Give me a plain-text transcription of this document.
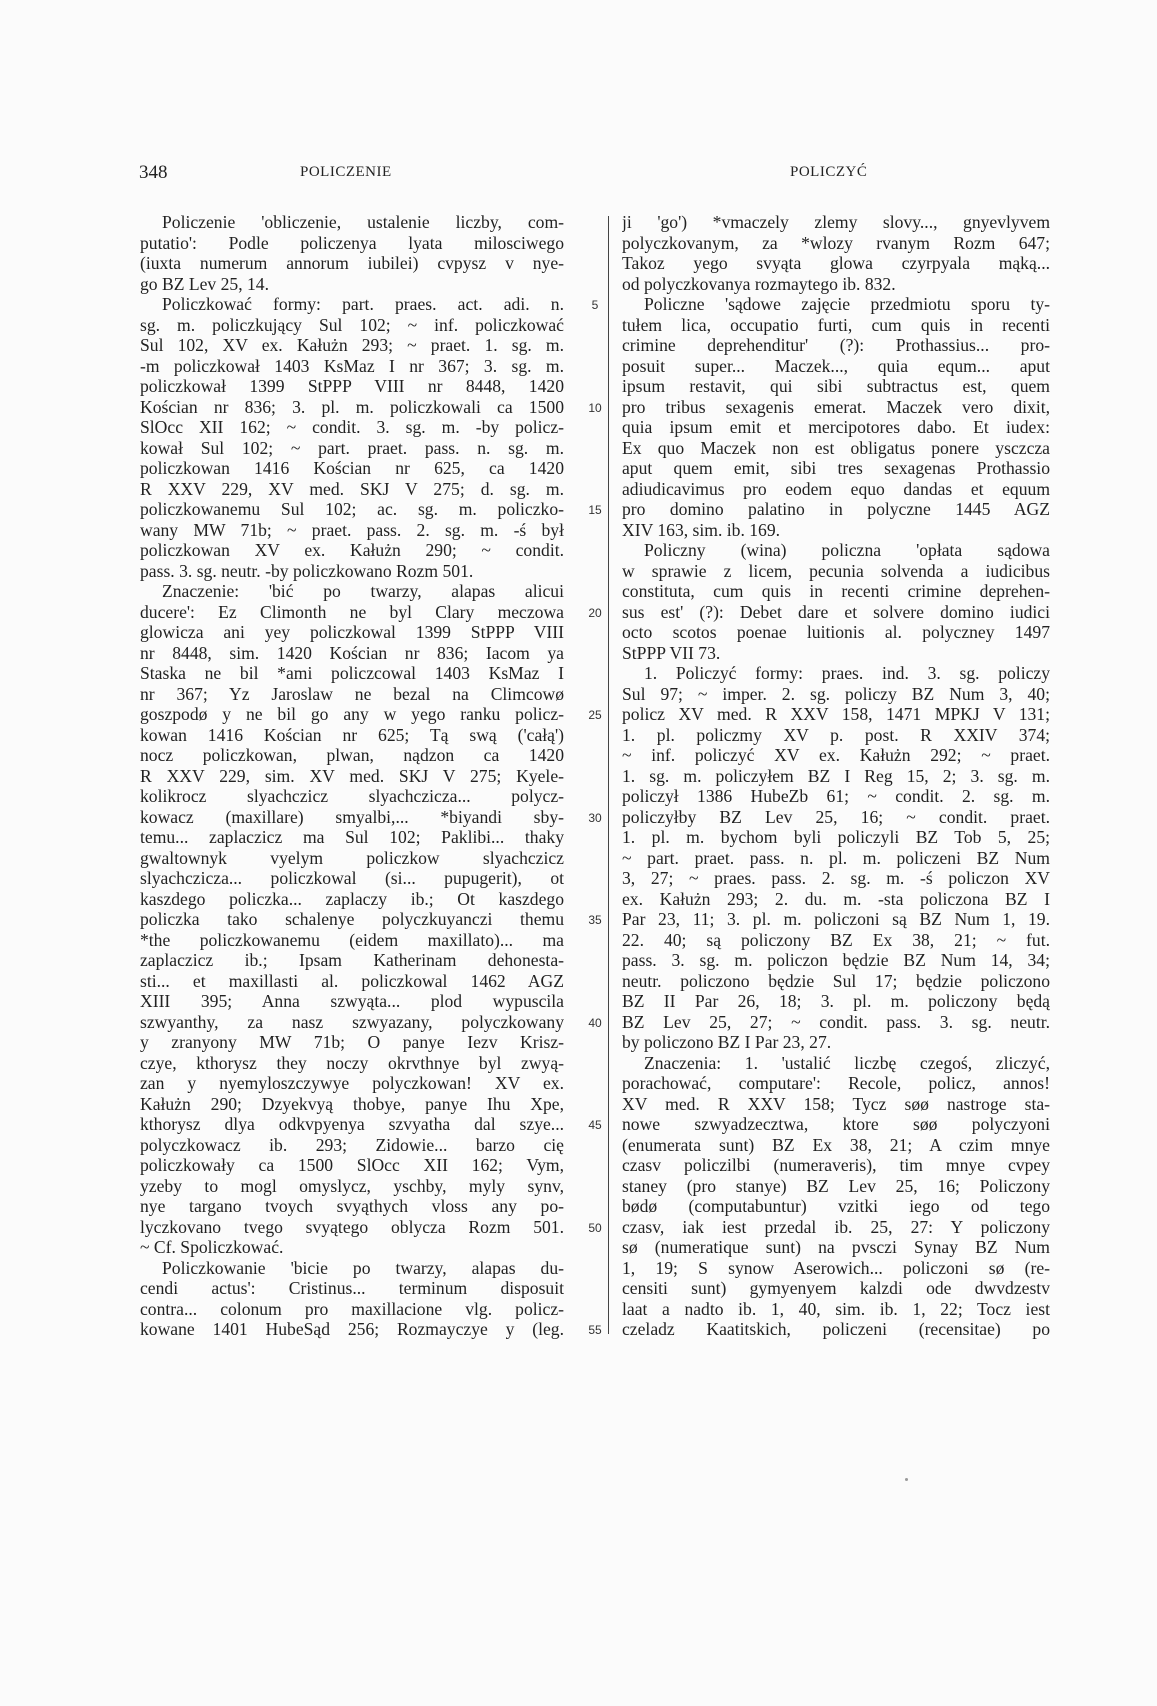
348	POLICZENIE	POLICZYĆ
Policzenie 'obliczenie, ustalenie liczby, com-
putatio': Podle policzenya lyata milosciwego
(iuxta numerum annorum iubilei) cvpysz v nye-
go BZ Lev 25, 14.
Policzkować formy: part. praes. act. adi. n.
sg. m. policzkujący Sul 102; ~ inf. policzkować
Sul 102, XV ex. Kałużn 293; ~ praet. 1. sg. m.
-m policzkował 1403 KsMaz I nr 367; 3. sg. m.
policzkował 1399 StPPP VIII nr 8448, 1420
Kościan nr 836; 3. pl. m. policzkowali ca 1500
SlOcc XII 162; ~ condit. 3. sg. m. -by policz-
kował Sul 102; ~ part. praet. pass. n. sg. m.
policzkowan 1416 Kościan nr 625, ca 1420
R XXV 229, XV med. SKJ V 275; d. sg. m.
policzkowanemu Sul 102; ac. sg. m. policzko-
wany MW 71b; ~ praet. pass. 2. sg. m. -ś był
policzkowan XV ex. Kałużn 290; ~ condit.
pass. 3. sg. neutr. -by policzkowano Rozm 501.
Znaczenie: 'bić po twarzy, alapas alicui
ducere': Ez Climonth ne byl Clary meczowa
glowicza ani yey policzkowal 1399 StPPP VIII
nr 8448, sim. 1420 Kościan nr 836; Iacom ya
Staska ne bil *ami policzcowal 1403 KsMaz I
nr 367; Yz Jaroslaw ne bezal na Climcowø
goszpodø y ne bil go any w yego ranku policz-
kowan 1416 Kościan nr 625; Tą swą ('całą')
nocz policzkowan, plwan, nądzon ca 1420
R XXV 229, sim. XV med. SKJ V 275; Kyele-
kolikrocz slyachczicz slyachczicza... polycz-
kowacz (maxillare) smyalbi,... *biyandi sby-
temu... zaplaczicz ma Sul 102; Paklibi... thaky
gwaltownyk vyelym policzkow slyachczicz
slyachczicza... policzkowal (si... pupugerit), ot
kaszdego policzka... zaplaczy ib.; Ot kaszdego
policzka tako schalenye polyczkuyanczi themu
*the policzkowanemu (eidem maxillato)... ma
zaplaczicz ib.; Ipsam Katherinam dehonesta-
sti... et maxillasti al. policzkowal 1462 AGZ
XIII 395; Anna szwyąta... plod wypuscila
szwyanthy, za nasz szwyazany, polyczkowany
y zranyony MW 71b; O panye Iezv Krisz-
czye, kthorysz they noczy okrvthnye byl zwyą-
zan y nyemyloszczywye polyczkowan! XV ex.
Kałużn 290; Dzyekvyą thobye, panye Ihu Xpe,
kthorysz dlya odkvpyenya szvyatha dal szye...
polyczkowacz ib. 293; Zidowie... barzo cię
policzkowały ca 1500 SlOcc XII 162; Vym,
yzeby to mogl omyslycz, yschby, myly synv,
nye targano tvoych svyąthych vloss any po-
lyczkovano tvego svyątego oblycza Rozm 501.
~ Cf. Spoliczkować.
Policzkowanie 'bicie po twarzy, alapas du-
cendi actus': Cristinus... terminum disposuit
contra... colonum pro maxillacione vlg. policz-
kowane 1401 HubeSąd 256; Rozmayczye y (leg.
5
10
15
20
25
30
35
40
45
50
55
ji 'go') *vmaczely zlemy slovy..., gnyevlyvem
polyczkovanym, za *wlozy rvanym Rozm 647;
Takoz yego svyąta glowa czyrpyala mąką...
od polyczkovanya rozmaytego ib. 832.
Policzne 'sądowe zajęcie przedmiotu sporu ty-
tułem lica, occupatio furti, cum quis in recenti
crimine deprehenditur' (?): Prothassius... pro-
posuit super... Maczek..., quia equm... aput
ipsum restavit, qui sibi subtractus est, quem
pro tribus sexagenis emerat. Maczek vero dixit,
quia ipsum emit et mercipotores dabo. Et iudex:
Ex quo Maczek non est obligatus ponere ysczcza
aput quem emit, sibi tres sexagenas Prothassio
adiudicavimus pro eodem equo dandas et equum
pro domino palatino in polyczne 1445 AGZ
XIV 163, sim. ib. 169.
Policzny (wina) policzna 'opłata sądowa
w sprawie z licem, pecunia solvenda a iudicibus
constituta, cum quis in recenti crimine deprehen-
sus est' (?): Debet dare et solvere domino iudici
octo scotos poenae luitionis al. polyczney 1497
StPPP VII 73.
1. Policzyć formy: praes. ind. 3. sg. policzy
Sul 97; ~ imper. 2. sg. policzy BZ Num 3, 40;
policz XV med. R XXV 158, 1471 MPKJ V 131;
1. pl. policzmy XV p. post. R XXIV 374;
~ inf. policzyć XV ex. Kałużn 292; ~ praet.
1. sg. m. policzyłem BZ I Reg 15, 2; 3. sg. m.
policzył 1386 HubeZb 61; ~ condit. 2. sg. m.
policzyłby BZ Lev 25, 16; ~ condit. praet.
1. pl. m. bychom byli policzyli BZ Tob 5, 25;
~ part. praet. pass. n. pl. m. policzeni BZ Num
3, 27; ~ praes. pass. 2. sg. m. -ś policzon XV
ex. Kałużn 293; 2. du. m. -sta policzona BZ I
Par 23, 11; 3. pl. m. policzoni są BZ Num 1, 19.
22. 40; są policzony BZ Ex 38, 21; ~ fut.
pass. 3. sg. m. policzon będzie BZ Num 14, 34;
neutr. policzono będzie Sul 17; będzie policzono
BZ II Par 26, 18; 3. pl. m. policzony będą
BZ Lev 25, 27; ~ condit. pass. 3. sg. neutr.
by policzono BZ I Par 23, 27.
Znaczenia: 1. 'ustalić liczbę czegoś, zliczyć,
porachować, computare': Recole, policz, annos!
XV med. R XXV 158; Tycz søø nastroge sta-
nowe szwyadzecztwa, ktore søø polyczyoni
(enumerata sunt) BZ Ex 38, 21; A czim mnye
czasv policzilbi (numeraveris), tim mnye cvpey
staney (pro stanye) BZ Lev 25, 16; Policzony
bødø (computabuntur) vzitki iego od tego
czasv, iak iest przedal ib. 25, 27: Y policzony
sø (numeratique sunt) na pvsczi Synay BZ Num
1, 19; S synow Aserowich... policzoni sø (re-
censiti sunt) gymyenyem kalzdi ode dwvdzestv
laat a nadto ib. 1, 40, sim. ib. 1, 22; Tocz iest
czeladz Kaatitskich, policzeni (recensitae) po
